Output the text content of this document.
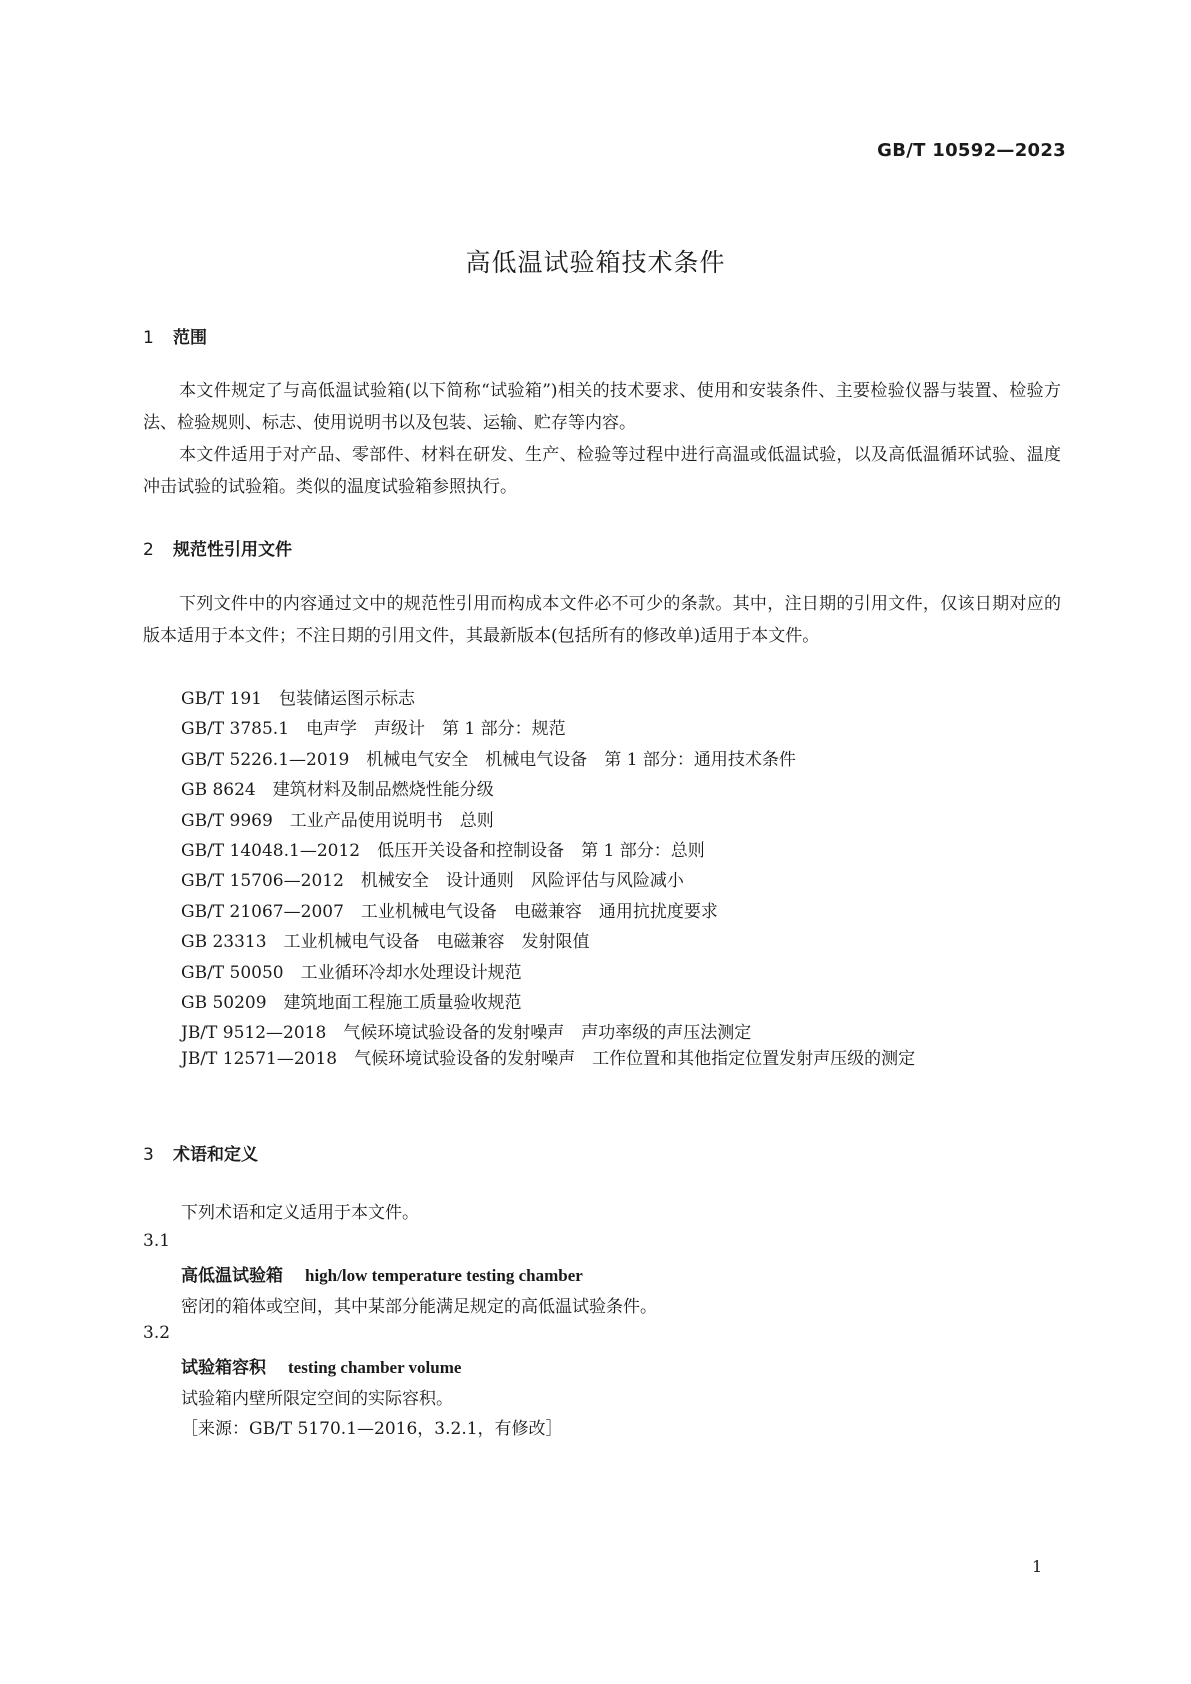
GB/T 10592—2023
高低温试验箱技术条件
1 范围
本文件规定了与高低温试验箱(以下简称“试验箱”)相关的技术要求、使用和安装条件、主要检验仪器与装置、检验方法、检验规则、标志、使用说明书以及包装、运输、贮存等内容。
本文件适用于对产品、零部件、材料在研发、生产、检验等过程中进行高温或低温试验，以及高低温循环试验、温度冲击试验的试验箱。类似的温度试验箱参照执行。
2 规范性引用文件
下列文件中的内容通过文中的规范性引用而构成本文件必不可少的条款。其中，注日期的引用文件，仅该日期对应的版本适用于本文件；不注日期的引用文件，其最新版本(包括所有的修改单)适用于本文件。
GB/T 191　包装储运图示标志
GB/T 3785.1　电声学　声级计　第 1 部分：规范
GB/T 5226.1—2019　机械电气安全　机械电气设备　第 1 部分：通用技术条件
GB 8624　建筑材料及制品燃烧性能分级
GB/T 9969　工业产品使用说明书　总则
GB/T 14048.1—2012　低压开关设备和控制设备　第 1 部分：总则
GB/T 15706—2012　机械安全　设计通则　风险评估与风险减小
GB/T 21067—2007　工业机械电气设备　电磁兼容　通用抗扰度要求
GB 23313　工业机械电气设备　电磁兼容　发射限值
GB/T 50050　工业循环冷却水处理设计规范
GB 50209　建筑地面工程施工质量验收规范
JB/T 9512—2018　气候环境试验设备的发射噪声　声功率级的声压法测定
JB/T 12571—2018　气候环境试验设备的发射噪声　工作位置和其他指定位置发射声压级的测定
3 术语和定义
下列术语和定义适用于本文件。
3.1
高低温试验箱 high/low temperature testing chamber
密闭的箱体或空间，其中某部分能满足规定的高低温试验条件。
3.2
试验箱容积 testing chamber volume
试验箱内壁所限定空间的实际容积。
［来源：GB/T 5170.1—2016，3.2.1，有修改］
1
